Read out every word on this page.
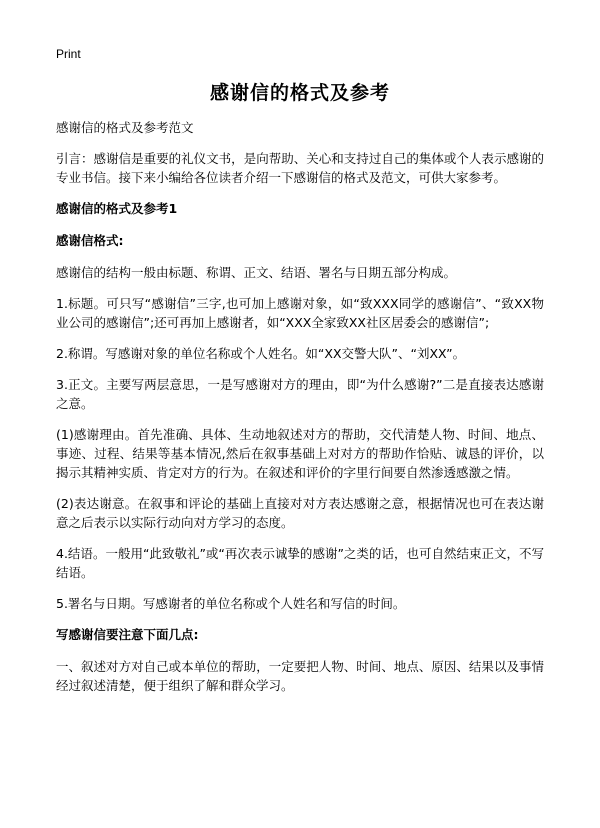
Print
感谢信的格式及参考

感谢信的格式及参考范文

引言：感谢信是重要的礼仪文书，是向帮助、关心和支持过自己的集体或个人表示感谢的专业书信。接下来小编给各位读者介绍一下感谢信的格式及范文，可供大家参考。

感谢信的格式及参考1
感谢信格式:

感谢信的结构一般由标题、称谓、正文、结语、署名与日期五部分构成。

1.标题。可只写“感谢信”三字,也可加上感谢对象，如“致XXX同学的感谢信”、“致XX物业公司的感谢信”;还可再加上感谢者，如“XXX全家致XX社区居委会的感谢信”;

2.称谓。写感谢对象的单位名称或个人姓名。如“XX交警大队”、“刘XX”。

3.正文。主要写两层意思，一是写感谢对方的理由，即“为什么感谢?”二是直接表达感谢之意。

(1)感谢理由。首先准确、具体、生动地叙述对方的帮助，交代清楚人物、时间、地点、事迹、过程、结果等基本情况,然后在叙事基础上对对方的帮助作恰贴、诚恳的评价，以揭示其精神实质、肯定对方的行为。在叙述和评价的字里行间要自然渗透感激之情。

(2)表达谢意。在叙事和评论的基础上直接对对方表达感谢之意，根据情况也可在表达谢意之后表示以实际行动向对方学习的态度。

4.结语。一般用“此致敬礼”或“再次表示诚挚的感谢”之类的话，也可自然结束正文，不写结语。

5.署名与日期。写感谢者的单位名称或个人姓名和写信的时间。

写感谢信要注意下面几点:

一、叙述对方对自己或本单位的帮助，一定要把人物、时间、地点、原因、结果以及事情经过叙述清楚，便于组织了解和群众学习。
